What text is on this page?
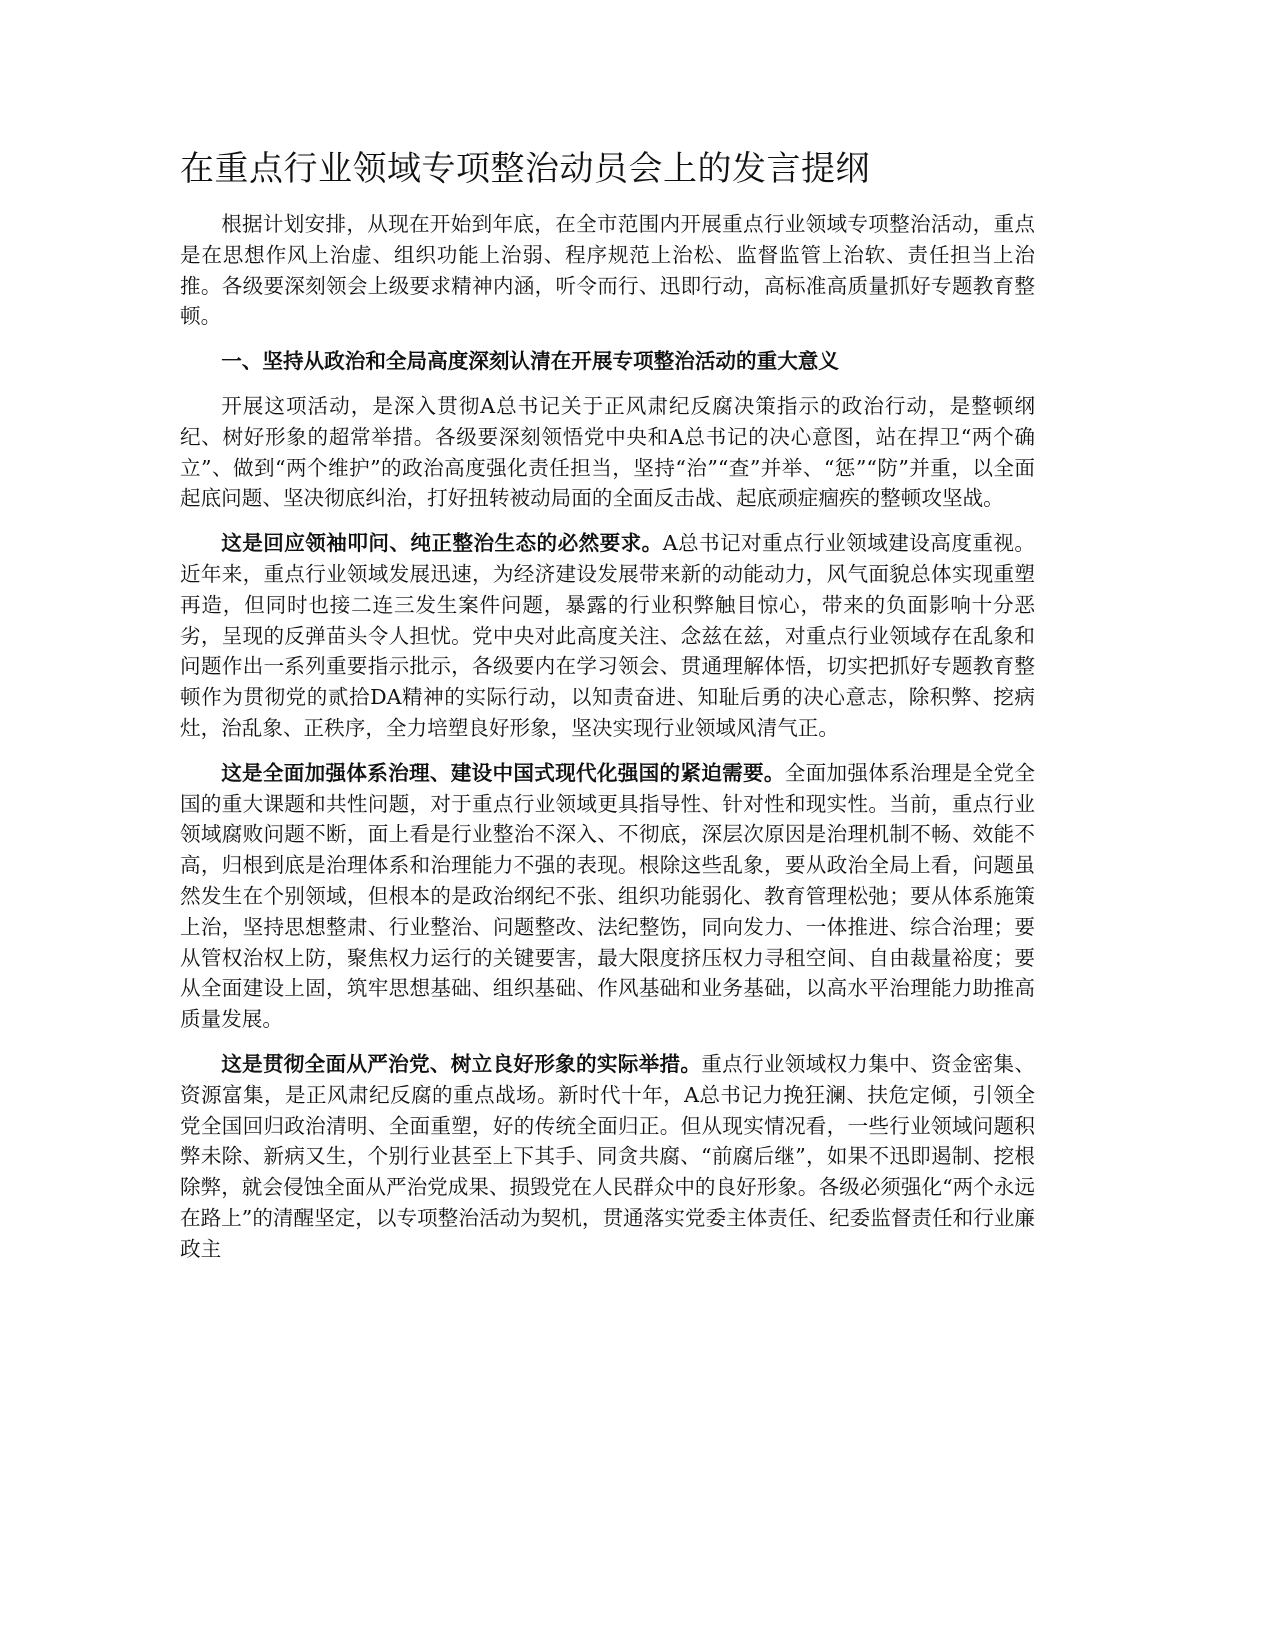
在重点行业领域专项整治动员会上的发言提纲

根据计划安排，从现在开始到年底，在全市范围内开展重点行业领域专项整治活动，重点是在思想作风上治虚、组织功能上治弱、程序规范上治松、监督监管上治软、责任担当上治推。各级要深刻领会上级要求精神内涵，听令而行、迅即行动，高标准高质量抓好专题教育整顿。

一、坚持从政治和全局高度深刻认清在开展专项整治活动的重大意义

开展这项活动，是深入贯彻A总书记关于正风肃纪反腐决策指示的政治行动，是整顿纲纪、树好形象的超常举措。各级要深刻领悟党中央和A总书记的决心意图，站在捍卫“两个确立”、做到“两个维护”的政治高度强化责任担当，坚持“治”“查”并举、“惩”“防”并重，以全面起底问题、坚决彻底纠治，打好扭转被动局面的全面反击战、起底顽症痼疾的整顿攻坚战。

这是回应领袖叩问、纯正整治生态的必然要求。A总书记对重点行业领域建设高度重视。近年来，重点行业领域发展迅速，为经济建设发展带来新的动能动力，风气面貌总体实现重塑再造，但同时也接二连三发生案件问题，暴露的行业积弊触目惊心，带来的负面影响十分恶劣，呈现的反弹苗头令人担忧。党中央对此高度关注、念兹在兹，对重点行业领域存在乱象和问题作出一系列重要指示批示，各级要内在学习领会、贯通理解体悟，切实把抓好专题教育整顿作为贯彻党的贰拾DA精神的实际行动，以知责奋进、知耻后勇的决心意志，除积弊、挖病灶，治乱象、正秩序，全力培塑良好形象，坚决实现行业领域风清气正。

这是全面加强体系治理、建设中国式现代化强国的紧迫需要。全面加强体系治理是全党全国的重大课题和共性问题，对于重点行业领域更具指导性、针对性和现实性。当前，重点行业领域腐败问题不断，面上看是行业整治不深入、不彻底，深层次原因是治理机制不畅、效能不高，归根到底是治理体系和治理能力不强的表现。根除这些乱象，要从政治全局上看，问题虽然发生在个别领域，但根本的是政治纲纪不张、组织功能弱化、教育管理松弛；要从体系施策上治，坚持思想整肃、行业整治、问题整改、法纪整饬，同向发力、一体推进、综合治理；要从管权治权上防，聚焦权力运行的关键要害，最大限度挤压权力寻租空间、自由裁量裕度；要从全面建设上固，筑牢思想基础、组织基础、作风基础和业务基础，以高水平治理能力助推高质量发展。

这是贯彻全面从严治党、树立良好形象的实际举措。重点行业领域权力集中、资金密集、资源富集，是正风肃纪反腐的重点战场。新时代十年，A总书记力挽狂澜、扶危定倾，引领全党全国回归政治清明、全面重塑，好的传统全面归正。但从现实情况看，一些行业领域问题积弊未除、新病又生，个别行业甚至上下其手、同贪共腐、“前腐后继”，如果不迅即遏制、挖根除弊，就会侵蚀全面从严治党成果、损毁党在人民群众中的良好形象。各级必须强化“两个永远在路上”的清醒坚定，以专项整治活动为契机，贯通落实党委主体责任、纪委监督责任和行业廉政主
